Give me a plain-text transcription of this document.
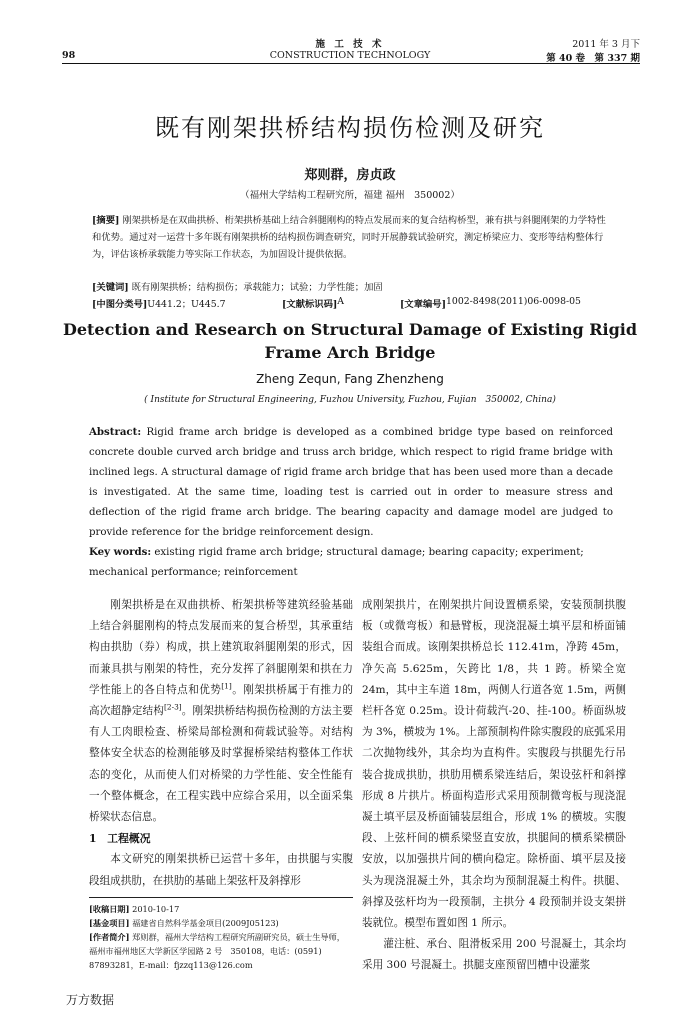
施 工 技 术
CONSTRUCTION TECHNOLOGY
98
2011 年 3 月下
第 40 卷　第 337 期
既有刚架拱桥结构损伤检测及研究
郑则群，房贞政
（福州大学结构工程研究所，福建 福州　350002）
[摘要] 刚架拱桥是在双曲拱桥、桁架拱桥基础上结合斜腿刚构的特点发展而来的复合结构桥型，兼有拱与斜腿刚架的力学特性和优势。通过对一运营十多年既有刚架拱桥的结构损伤调查研究，同时开展静载试验研究，测定桥梁应力、变形等结构整体行为，评估该桥承载能力等实际工作状态，为加固设计提供依据。
[关键词] 既有刚架拱桥；结构损伤；承载能力；试验；力学性能；加固
[中图分类号] U441.2；U445.7	[文献标识码] A	[文章编号] 1002-8498(2011)06-0098-05
Detection and Research on Structural Damage of Existing Rigid Frame Arch Bridge
Zheng Zequn, Fang Zhenzheng
( Institute for Structural Engineering, Fuzhou University, Fuzhou, Fujian　350002, China)
Abstract: Rigid frame arch bridge is developed as a combined bridge type based on reinforced concrete double curved arch bridge and truss arch bridge, which respect to rigid frame bridge with inclined legs. A structural damage of rigid frame arch bridge that has been used more than a decade is investigated. At the same time, loading test is carried out in order to measure stress and deflection of the rigid frame arch bridge. The bearing capacity and damage model are judged to provide reference for the bridge reinforcement design.
Key words: existing rigid frame arch bridge; structural damage; bearing capacity; experiment; mechanical performance; reinforcement

刚架拱桥是在双曲拱桥、桁架拱桥等建筑经验基础上结合斜腿刚构的特点发展而来的复合桥型，其承重结构由拱肋（券）构成，拱上建筑取斜腿刚架的形式，因而兼具拱与刚架的特性，充分发挥了斜腿刚架和拱在力学性能上的各自特点和优势[1]。刚架拱桥属于有推力的高次超静定结构[2-3]。刚架拱桥结构损伤检测的方法主要有人工肉眼检查、桥梁局部检测和荷载试验等。对结构整体安全状态的检测能够及时掌握桥梁结构整体工作状态的变化，从而使人们对桥梁的力学性能、安全性能有一个整体概念，在工程实践中应综合采用，以全面采集桥梁状态信息。

1　工程概况

本文研究的刚架拱桥已运营十多年，由拱腿与实腹段组成拱肋，在拱肋的基础上架弦杆及斜撑形

[收稿日期] 2010-10-17
[基金项目] 福建省自然科学基金项目(2009J05123)
[作者简介] 郑则群，福州大学结构工程研究所副研究员，硕士生导师，福州市福州地区大学新区学园路 2 号　350108，电话：(0591) 87893281，E-mail：fjzzq113@126.com

成刚架拱片，在刚架拱片间设置横系梁，安装预制拱腹板（或微弯板）和悬臂板，现浇混凝土填平层和桥面铺装组合而成。该刚架拱桥总长 112.41m，净跨 45m，净矢高 5.625m，矢跨比 1/8，共 1 跨。桥梁全宽 24m，其中主车道 18m，两侧人行道各宽 1.5m，两侧栏杆各宽 0.25m。设计荷载汽-20、挂-100。桥面纵坡为 3%，横坡为 1%。上部预制构件除实腹段的底弧采用二次抛物线外，其余均为直构件。实腹段与拱腿先行吊装合拢成拱肋，拱肋用横系梁连结后，架设弦杆和斜撑形成 8 片拱片。桥面构造形式采用预制微弯板与现浇混凝土填平层及桥面铺装层组合，形成 1% 的横坡。实腹段、上弦杆间的横系梁竖直安放，拱腿间的横系梁横卧安放，以加强拱片间的横向稳定。除桥面、填平层及接头为现浇混凝土外，其余均为预制混凝土构件。拱腿、斜撑及弦杆均为一段预制，主拱分 4 段预制并设支架拼装就位。模型布置如图 1 所示。

灌注桩、承台、阻滑板采用 200 号混凝土，其余均采用 300 号混凝土。拱腿支座预留凹槽中设灌浆

万方数据
